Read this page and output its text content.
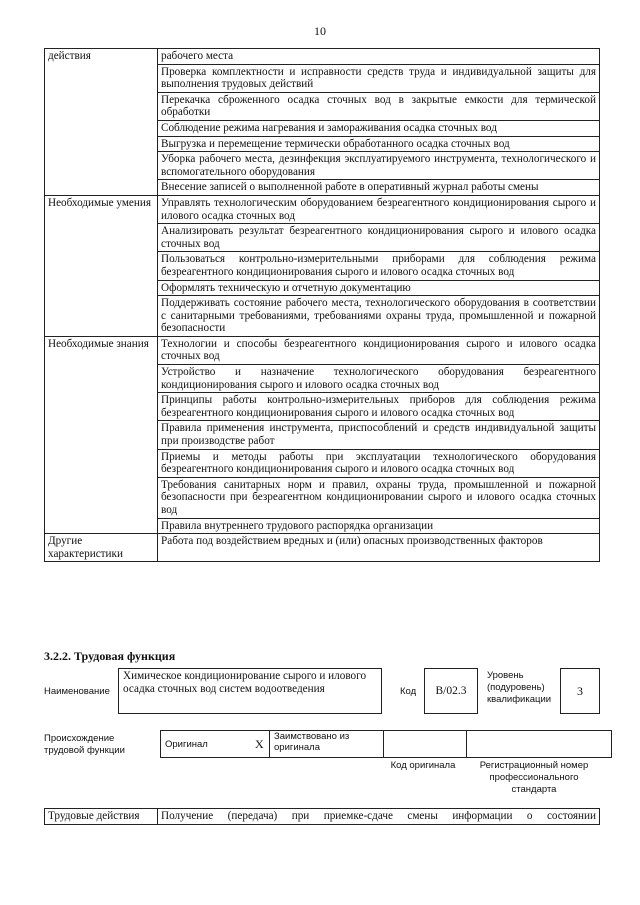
10
действия	рабочего места
	Проверка комплектности и исправности средств труда и индивидуальной защиты для выполнения трудовых действий
	Перекачка сброженного осадка сточных вод в закрытые емкости для термической обработки
	Соблюдение режима нагревания и замораживания осадка сточных вод
	Выгрузка и перемещение термически обработанного осадка сточных вод
	Уборка рабочего места, дезинфекция эксплуатируемого инструмента, технологического и вспомогательного оборудования
	Внесение записей о выполненной работе в оперативный журнал работы смены
Необходимые умения	Управлять технологическим оборудованием безреагентного кондиционирования сырого и илового осадка сточных вод
	Анализировать результат безреагентного кондиционирования сырого и илового осадка сточных вод
	Пользоваться контрольно-измерительными приборами для соблюдения режима безреагентного кондиционирования сырого и илового осадка сточных вод
	Оформлять техническую и отчетную документацию
	Поддерживать состояние рабочего места, технологического оборудования в соответствии с санитарными требованиями, требованиями охраны труда, промышленной и пожарной безопасности
Необходимые знания	Технологии и способы безреагентного кондиционирования сырого и илового осадка сточных вод
	Устройство и назначение технологического оборудования безреагентного кондиционирования сырого и илового осадка сточных вод
	Принципы работы контрольно-измерительных приборов для соблюдения режима безреагентного кондиционирования сырого и илового осадка сточных вод
	Правила применения инструмента, приспособлений и средств индивидуальной защиты при производстве работ
	Приемы и методы работы при эксплуатации технологического оборудования безреагентного кондиционирования сырого и илового осадка сточных вод
	Требования санитарных норм и правил, охраны труда, промышленной и пожарной безопасности при безреагентном кондиционировании сырого и илового осадка сточных вод
	Правила внутреннего трудового распорядка организации
Другие характеристики	Работа под воздействием вредных и (или) опасных производственных факторов
3.2.2. Трудовая функция
Наименование
Химическое кондиционирование сырого и илового осадка сточных вод систем водоотведения	Код	B/02.3
Уровень (подуровень) квалификации
3
Происхождение трудовой функции
Оригинал	X	Заимствовано из оригинала		
Код оригинала	Регистрационный номер профессионального стандарта
Трудовые действия	Получение (передача) при приемке-сдаче смены информации о состоянии
